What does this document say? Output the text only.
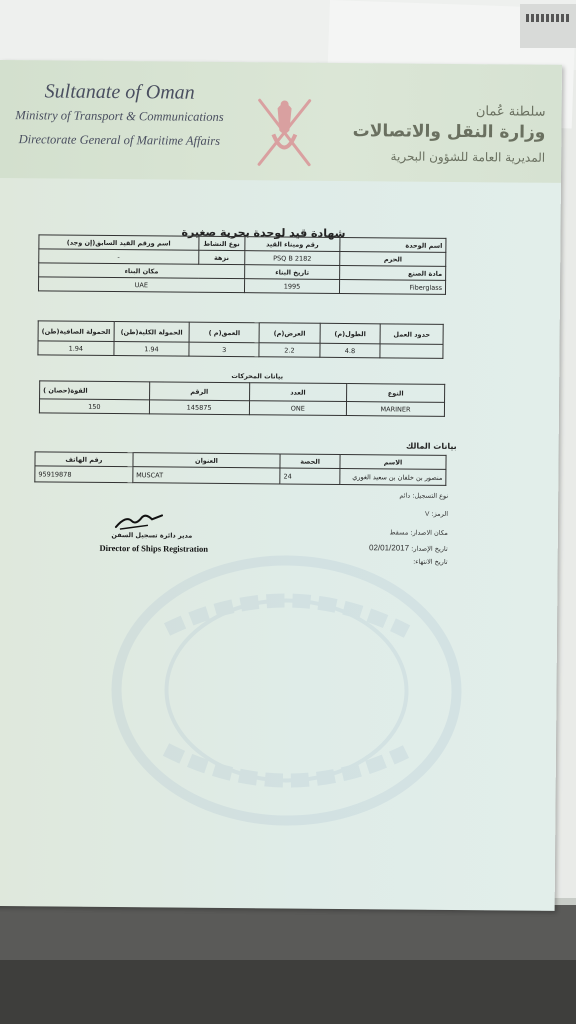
Sultanate of Oman
Ministry of Transport & Communications
Directorate General of Maritime Affairs
سلطنة عُمان
وزارة النقل والاتصالات
المديرية العامة للشؤون البحرية
شهادة قيد لوحدة بحرية صغيرة
اسم ورقم القيد السابق(إن وجد)	نوع النشاط	رقم وميناء القيد	اسم الوحدة
-	نزهة	PSQ B 2182	الحرم
مكان البناء		تاريخ البناء	مادة الصنع
UAE		1995	Fiberglass
الحمولة الصافية(طن)	الحمولة الكلية(طن)	العمق(م )	العرض(م)	الطول(م)	حدود العمل
1.94	1.94	3	2.2	4.8	
بيانات المحركات
القوة(حصان )	الرقم	العدد	النوع
150	145875	ONE	MARINER
بيانات المالك
رقم الهاتف	العنوان	الحصة	الاسم
95919878	MUSCAT	24	منصور بن خلفان بن سعيد الغوري
نوع التسجيل: دائم
الرمز: V
مكان الاصدار: مسقط
تاريخ الإصدار: 02/01/2017
تاريخ الانتهاء:
مدير دائرة تسجيل السفن
Director of Ships Registration
